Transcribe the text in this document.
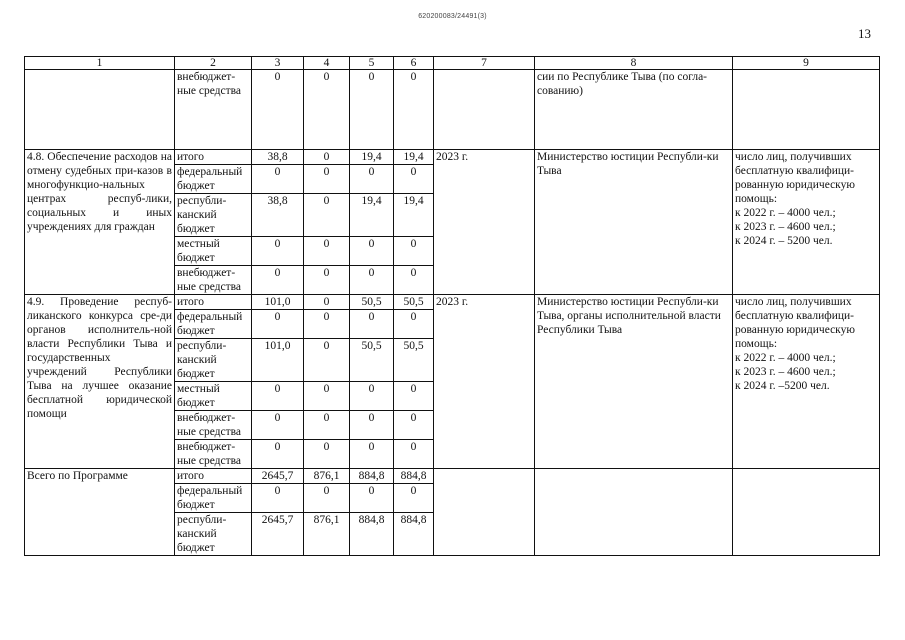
620200083/24491(3)
13
1	2	3	4	5	6	7	8	9
	внебюджет-ные средства	0	0	0	0		сии по Республике Тыва (по согла-сованию)	
4.8. Обеспечение расходов на отмену судебных при-казов в многофункцио-нальных центрах респуб-лики, социальных и иных учреждениях для граждан	итого	38,8	0	19,4	19,4	2023 г.	Министерство юстиции Республи-ки Тыва	число лиц, получивших бесплатную квалифици-рованную юридическую помощь:
к 2022 г. – 4000 чел.;
к 2023 г. – 4600 чел.;
к 2024 г. – 5200 чел.
	федеральный бюджет	0	0	0	0			
	республи-канский бюджет	38,8	0	19,4	19,4			
	местный бюджет	0	0	0	0			
	внебюджет-ные средства	0	0	0	0			
4.9. Проведение респуб-ликанского конкурса сре-ди органов исполнитель-ной власти Республики Тыва и государственных учреждений Республики Тыва на лучшее оказание бесплатной юридической помощи	итого	101,0	0	50,5	50,5	2023 г.	Министерство юстиции Республи-ки Тыва, органы исполнительной власти Республики Тыва	число лиц, получивших бесплатную квалифици-рованную юридическую помощь:
к 2022 г. – 4000 чел.;
к 2023 г. – 4600 чел.;
к 2024 г. –5200 чел.
	федеральный бюджет	0	0	0	0			
	республи-канский бюджет	101,0	0	50,5	50,5			
	местный бюджет	0	0	0	0			
	внебюджет-ные средства	0	0	0	0			
	внебюджет-ные средства	0	0	0	0			
Всего по Программе	итого	2645,7	876,1	884,8	884,8			
	федеральный бюджет	0	0	0	0			
	республи-канский бюджет	2645,7	876,1	884,8	884,8			
